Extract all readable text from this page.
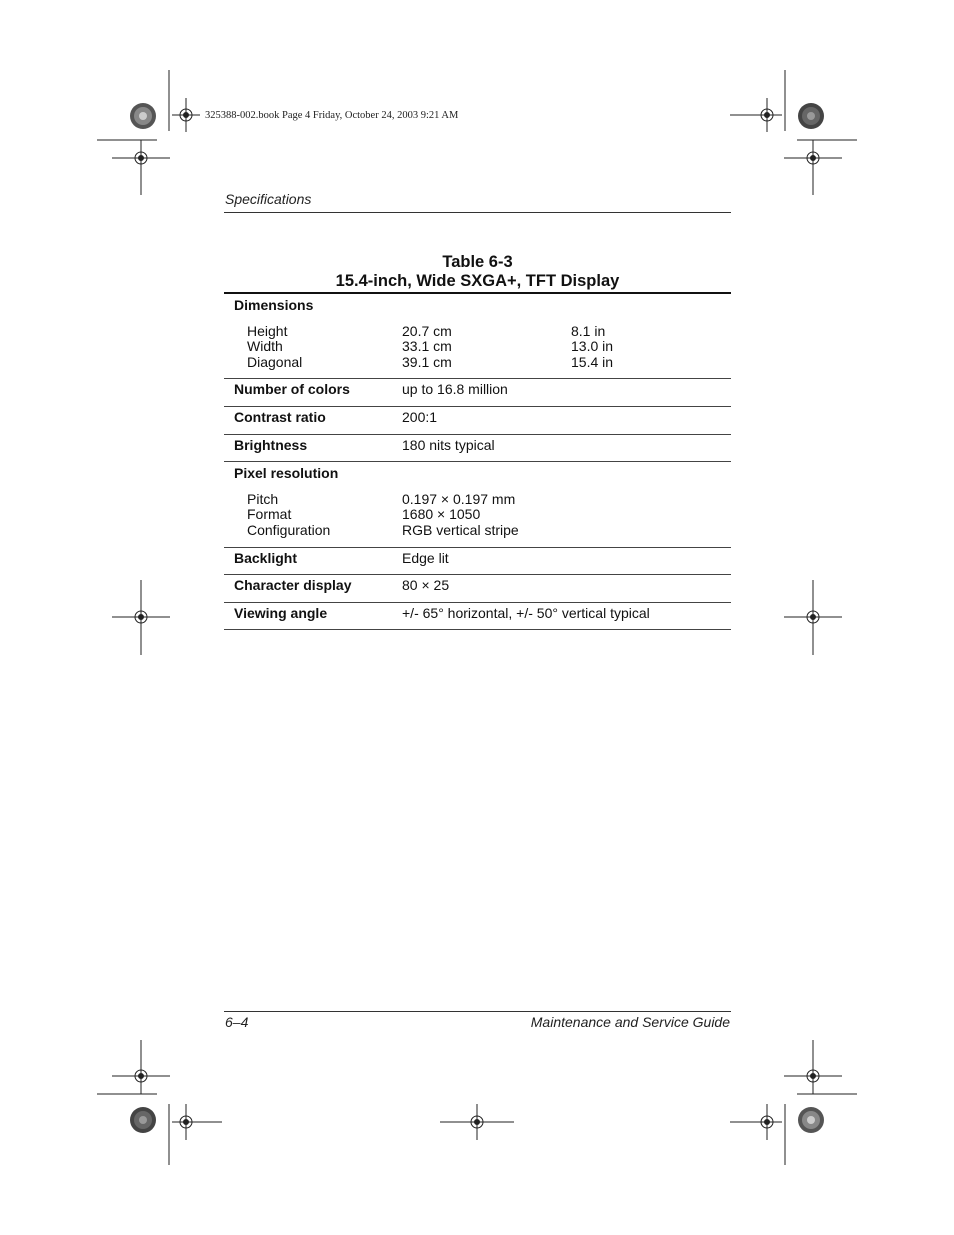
325388-002.book Page 4 Friday, October 24, 2003 9:21 AM
Specifications
Table 6-3
15.4-inch, Wide SXGA+, TFT Display
Dimensions		
Height	20.7 cm	8.1 in
Width	33.1 cm	13.0 in
Diagonal	39.1 cm	15.4 in
Number of colors	up to 16.8 million	
Contrast ratio	200:1	
Brightness	180 nits typical	
Pixel resolution		
Pitch	0.197 × 0.197 mm	
Format	1680 × 1050	
Configuration	RGB vertical stripe	
Backlight	Edge lit	
Character display	80 × 25	
Viewing angle	+/- 65° horizontal, +/- 50° vertical typical	
6–4	Maintenance and Service Guide
